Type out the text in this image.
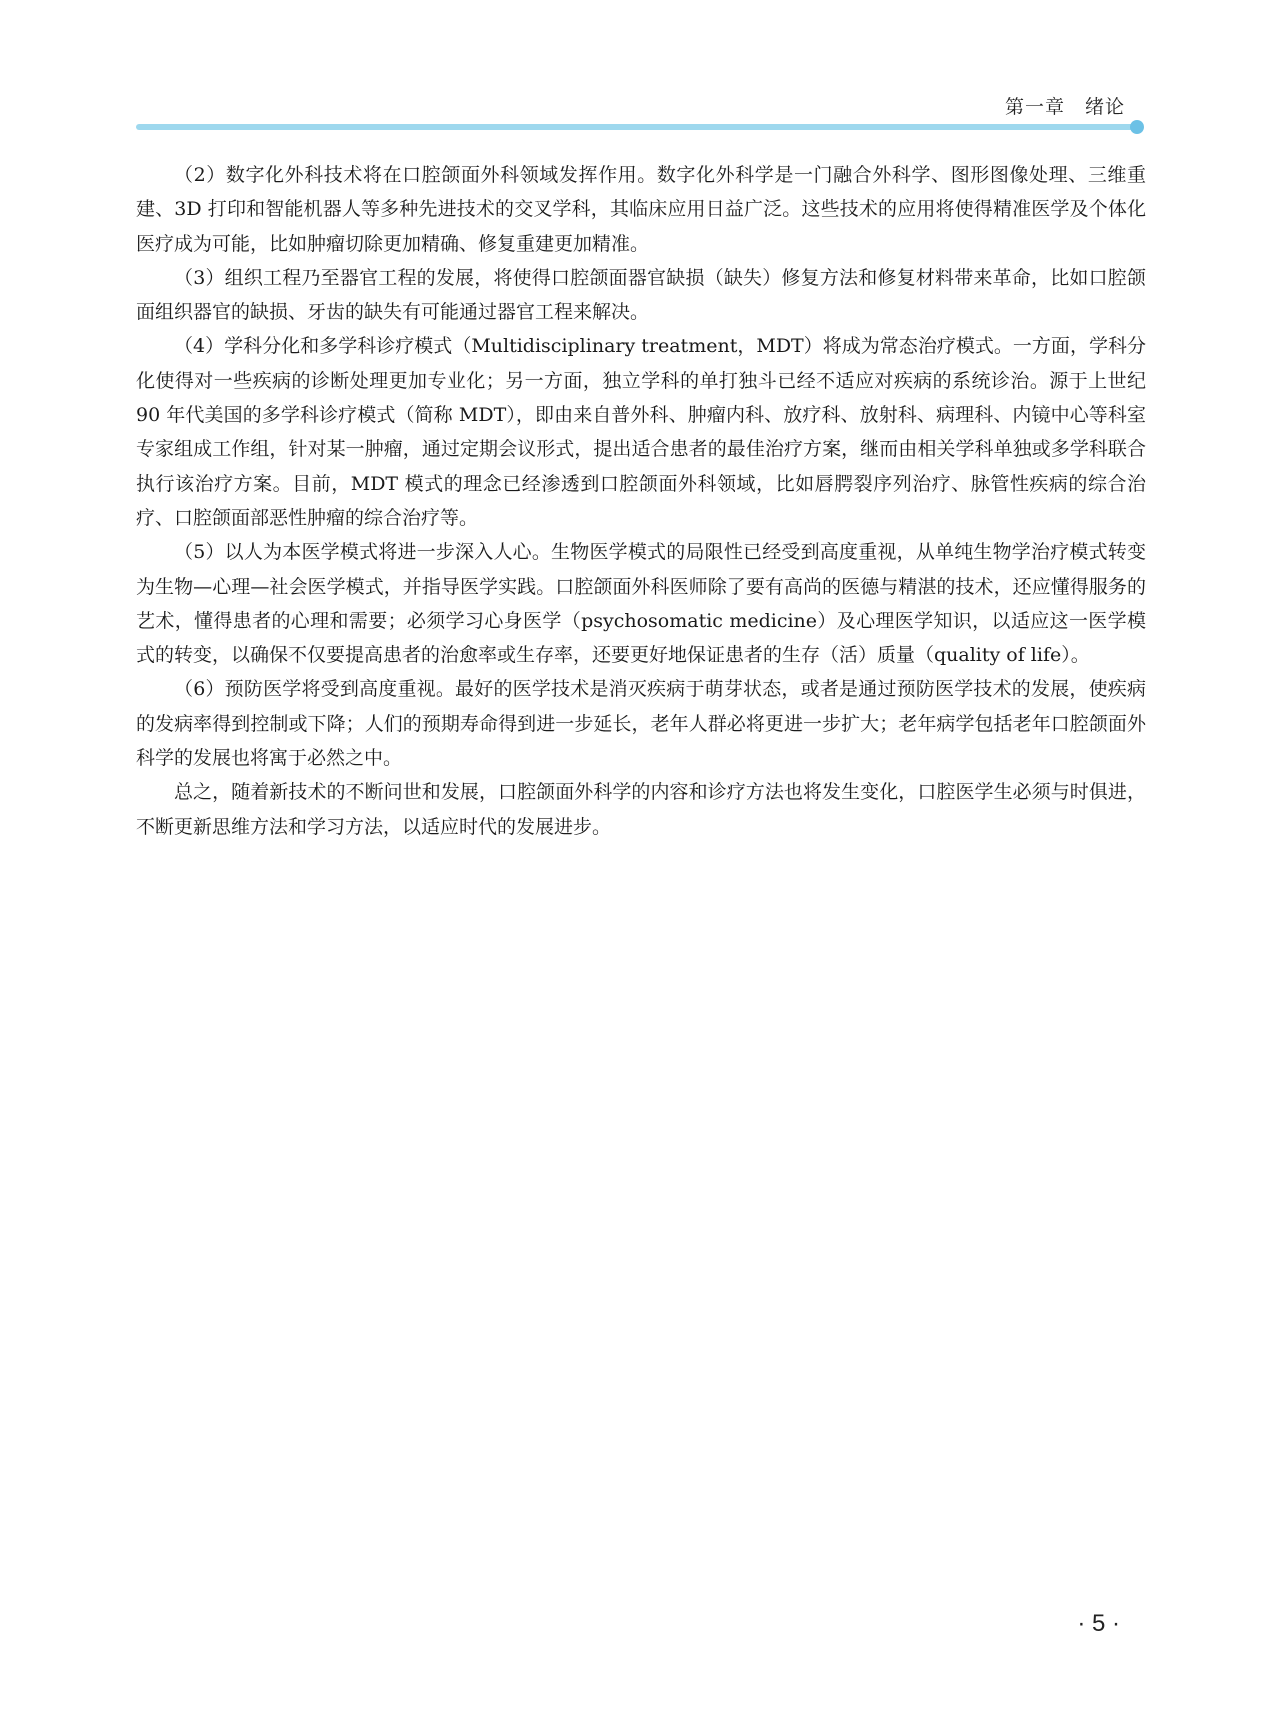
第一章　绪论

（2）数字化外科技术将在口腔颌面外科领域发挥作用。数字化外科学是一门融合外科学、图形图像处理、三维重建、3D 打印和智能机器人等多种先进技术的交叉学科，其临床应用日益广泛。这些技术的应用将使得精准医学及个体化医疗成为可能，比如肿瘤切除更加精确、修复重建更加精准。

（3）组织工程乃至器官工程的发展，将使得口腔颌面器官缺损（缺失）修复方法和修复材料带来革命，比如口腔颌面组织器官的缺损、牙齿的缺失有可能通过器官工程来解决。

（4）学科分化和多学科诊疗模式（Multidisciplinary treatment，MDT）将成为常态治疗模式。一方面，学科分化使得对一些疾病的诊断处理更加专业化；另一方面，独立学科的单打独斗已经不适应对疾病的系统诊治。源于上世纪 90 年代美国的多学科诊疗模式（简称 MDT），即由来自普外科、肿瘤内科、放疗科、放射科、病理科、内镜中心等科室专家组成工作组，针对某一肿瘤，通过定期会议形式，提出适合患者的最佳治疗方案，继而由相关学科单独或多学科联合执行该治疗方案。目前，MDT 模式的理念已经渗透到口腔颌面外科领域，比如唇腭裂序列治疗、脉管性疾病的综合治疗、口腔颌面部恶性肿瘤的综合治疗等。

（5）以人为本医学模式将进一步深入人心。生物医学模式的局限性已经受到高度重视，从单纯生物学治疗模式转变为生物—心理—社会医学模式，并指导医学实践。口腔颌面外科医师除了要有高尚的医德与精湛的技术，还应懂得服务的艺术，懂得患者的心理和需要；必须学习心身医学（psychosomatic medicine）及心理医学知识，以适应这一医学模式的转变，以确保不仅要提高患者的治愈率或生存率，还要更好地保证患者的生存（活）质量（quality of life）。

（6）预防医学将受到高度重视。最好的医学技术是消灭疾病于萌芽状态，或者是通过预防医学技术的发展，使疾病的发病率得到控制或下降；人们的预期寿命得到进一步延长，老年人群必将更进一步扩大；老年病学包括老年口腔颌面外科学的发展也将寓于必然之中。

总之，随着新技术的不断问世和发展，口腔颌面外科学的内容和诊疗方法也将发生变化，口腔医学生必须与时俱进，不断更新思维方法和学习方法，以适应时代的发展进步。

· 5 ·
